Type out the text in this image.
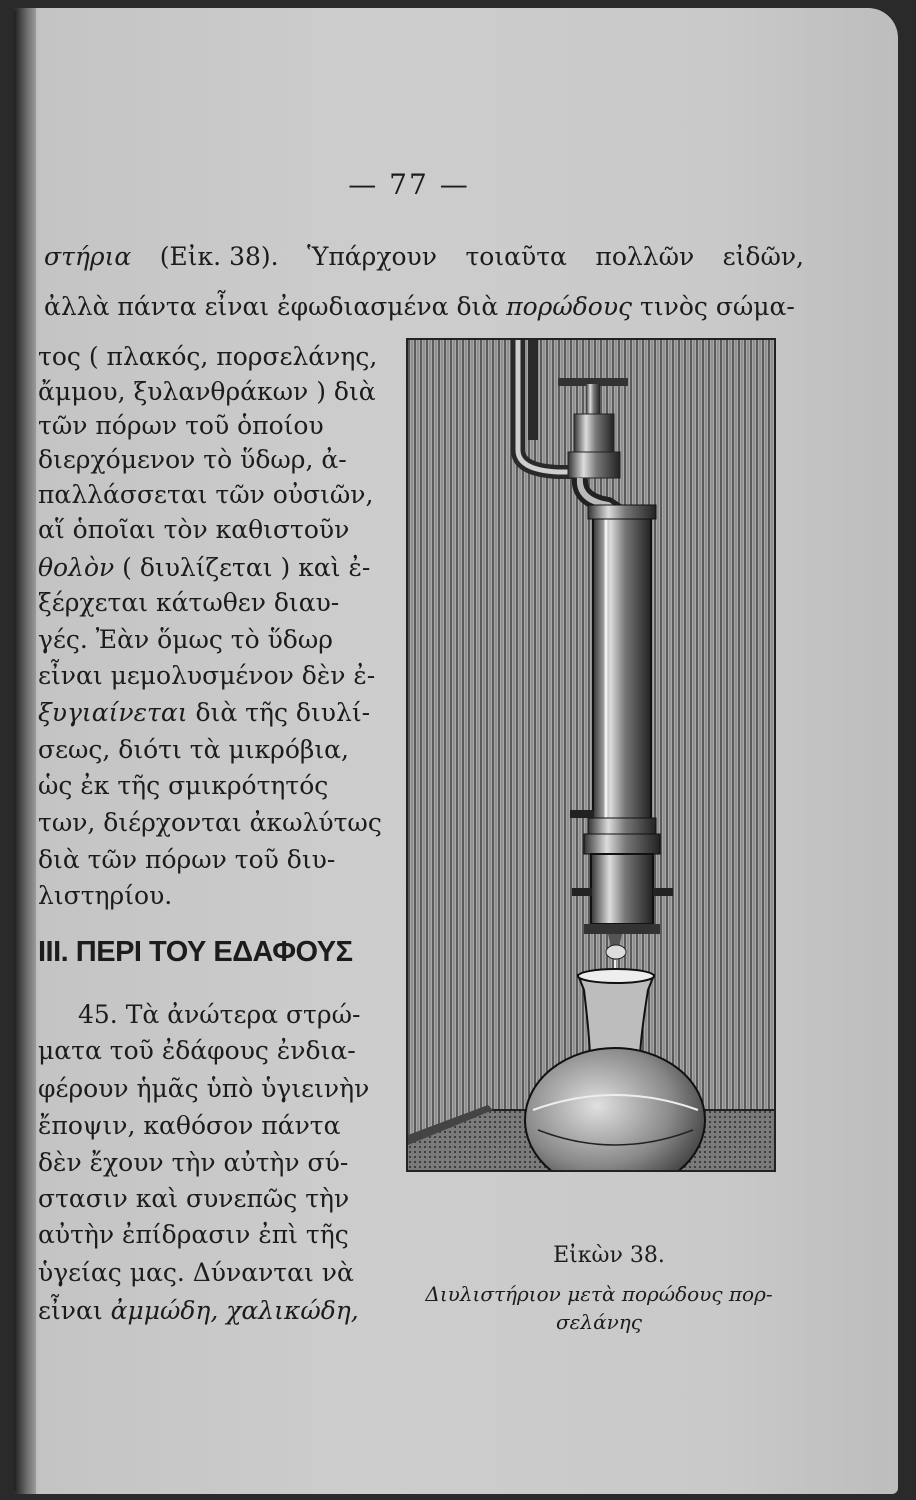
— 77 —
στήρια (Εἰκ. 38). Ὑπάρχουν τοιαῦτα πολλῶν εἰδῶν,
ἀλλὰ πάντα εἶναι ἐφωδιασμένα διὰ πορώδους τινὸς σώμα-
τος ( πλακός, πορσελάνης,
ἄμμου, ξυλανθράκων ) διὰ
τῶν πόρων τοῦ ὁποίου
διερχόμενον τὸ ὕδωρ, ἀ-
παλλάσσεται τῶν οὐσιῶν,
αἵ ὁποῖαι τὸν καθιστοῦν
θολὸν ( διυλίζεται ) καὶ ἐ-
ξέρχεται κάτωθεν διαυ-
γές. Ἐὰν ὅμως τὸ ὕδωρ
εἶναι μεμολυσμένον δὲν ἐ-
ξυγιαίνεται διὰ τῆς διυλί-
σεως, διότι τὰ μικρόβια,
ὡς ἐκ τῆς σμικρότητός
των, διέρχονται ἀκωλύτως
διὰ τῶν πόρων τοῦ διυ-
λιστηρίου.
III. ΠΕΡΙ ΤΟΥ ΕΔΑΦΟΥΣ
45. Τὰ ἀνώτερα στρώ-
ματα τοῦ ἐδάφους ἐνδια-
φέρουν ἡμᾶς ὑπὸ ὑγιεινὴν
ἔποψιν, καθόσον πάντα
δὲν ἔχουν τὴν αὐτὴν σύ-
στασιν καὶ συνεπῶς τὴν
αὐτὴν ἐπίδρασιν ἐπὶ τῆς
ὑγείας μας. Δύνανται νὰ
εἶναι ἀμμώδη, χαλικώδη,
Εἰκὼν 38.
Διυλιστήριον μετὰ πορώδους πορ-
σελάνης
